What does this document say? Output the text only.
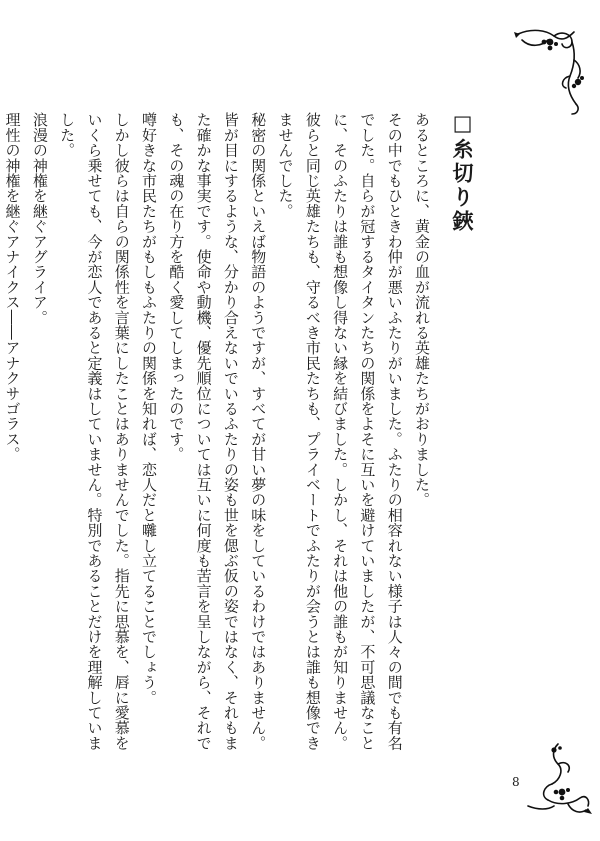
□糸切り鋏

あるところに、黄金の血が流れる英雄たちがおりました。

その中でもひときわ仲が悪いふたりがいました。ふたりの相容れない様子は人々の間でも有名でした。自らが冠するタイタンたちの関係をよそに互いを避けていましたが、不可思議なことに、そのふたりは誰も想像し得ない縁を結びました。しかし、それは他の誰もが知りません。彼らと同じ英雄たちも、守るべき市民たちも、プライベートでふたりが会うとは誰も想像できませんでした。

秘密の関係といえば物語のようですが、すべてが甘い夢の味をしているわけではありません。皆が目にするような、分かり合えないでいるふたりの姿も世を偲ぶ仮の姿ではなく、それもまた確かな事実です。使命や動機、優先順位については互いに何度も苦言を呈しながら、それでも、その魂の在り方を酷く愛してしまったのです。

噂好きな市民たちがもしもふたりの関係を知れば、恋人だと囃し立てることでしょう。

しかし彼らは自らの関係性を言葉にしたことはありませんでした。指先に思慕を、唇に愛慕をいくら乗せても、今が恋人であると定義はしていません。特別であることだけを理解していました。

浪漫の神権を継ぐアグライア。

理性の神権を継ぐアナイクス――アナクサゴラス。

8
